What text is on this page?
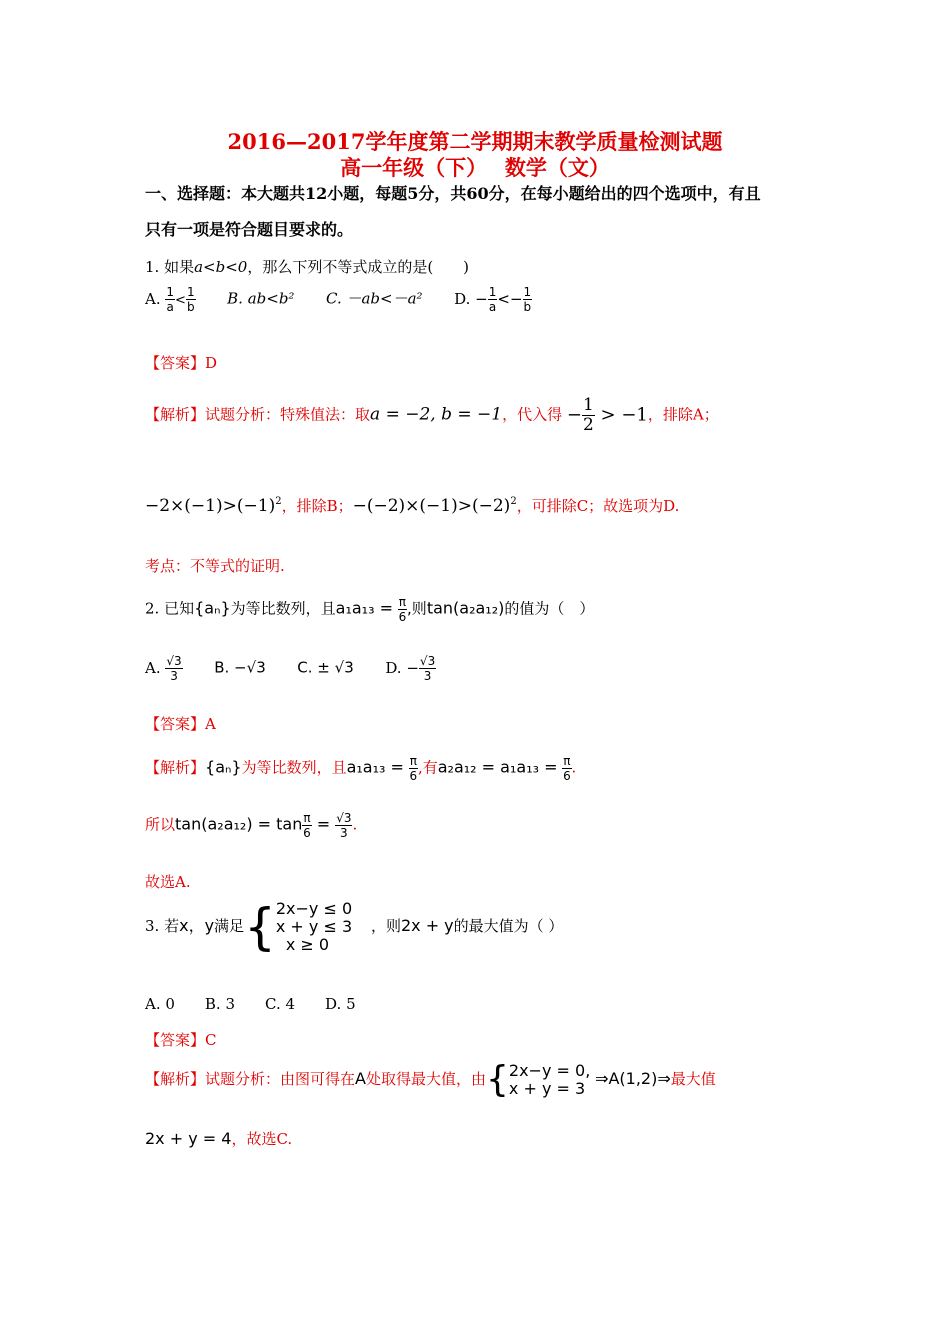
2016—2017学年度第二学期期末教学质量检测试题
高一年级（下）　 数学（文）
一、选择题：本大题共12小题，每题5分，共60分，在每小题给出的四个选项中，有且
只有一项是符合题目要求的。
1. 如果a<b<0，那么下列不等式成立的是(　　)
A. $\frac{1}{a} < \frac{1}{b} B$. ab<b² C. －ab<－a² D. − $\frac{1}{a} <- \frac{1}{b}$
【答案】D
【解析】试题分析：特殊值法：取a = −2, b = −1，代入得 − $\frac{1}{2} > -1$，排除A；
$-2\times(-1)>(-1)^2$，排除B；$-(-2)\times(-1)>(-2)^2$，可排除C；故选项为D.
考点：不等式的证明.
2. 已知{aₙ}为等比数列，且$a_1a_{13} = \frac{\pi}{6}$ ,则tan(a₂a₁₂)的值为（　）
A. $\frac{√3}{3} B$. −√3 C. ± √3 D. − $\frac{√3}{3}$
【答案】A
【解析】{aₙ}为等比数列，且$a_1a_{13} = \frac{\pi}{6}$ ,有$a_2a_{12} = a_1a_{13} = \frac{\pi}{6}$ .
所以$\tan(a_2a_{12}) = \tan \frac{\pi}{6} = \frac{√3}{3}$ .
故选A.
3. 若x，y满足{ 2x−y ≤ 0
x + y ≤ 3
x ≥ 0
，则2x + y的最大值为（ ）
A. 0　　B. 3　　C. 4　　D. 5
【答案】C
【解析】试题分析：由图可得在A处取得最大值，由{ 2x−y = 0,
x + y = 3
⇒A(1,2)⇒最大值
2x + y = 4，故选C.
